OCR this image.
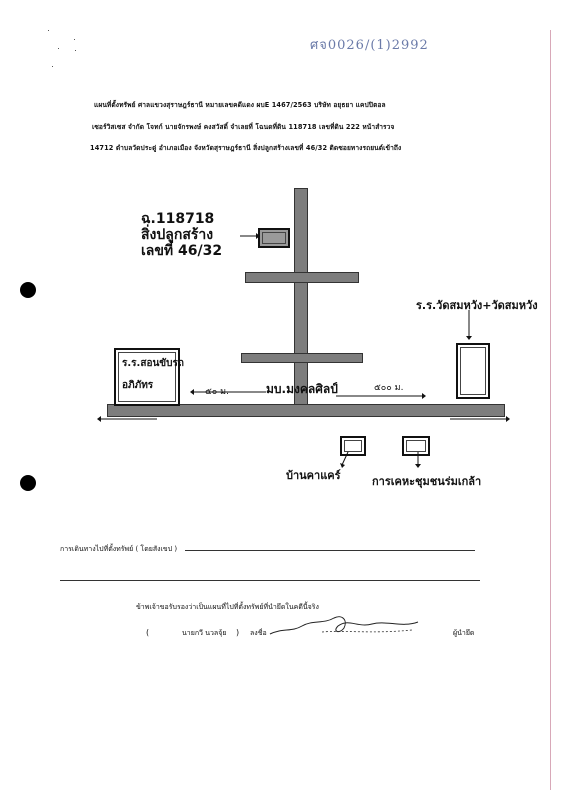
ศจ0026/(1)2992
แผนที่ตั้งทรัพย์ ศาลแขวงสุราษฎร์ธานี หมายเลขคดีแดง ผบE 1467/2563 บริษัท อยุธยา แคปปิตอล
เซอร์วิสเซส จำกัด โจทก์ นายจักรพงษ์ คงสวัสดิ์ จำเลยที่ โฉนดที่ดิน 118718 เลขที่ดิน 222 หน้าสำรวจ
14712 ตำบลวัดประดู่ อำเภอเมือง จังหวัดสุราษฎร์ธานี สิ่งปลูกสร้างเลขที่ 46/32 ติดซอยทางรถยนต์เข้าถึง
ฉ.118718
สิ่งปลูกสร้าง
เลขที่ 46/32
ร.ร.สอนขับรถ
อภิภัทร
ร.ร.วัดสมหวัง+วัดสมหวัง
มบ.มงคลศิลป์
๕๐ ม.	๕๐๐ ม.
บ้านคาแคร์	การเคหะชุมชนร่มเกล้า
การเดินทางไปที่ตั้งทรัพย์ ( โดยสังเขป )
ข้าพเจ้าขอรับรองว่าเป็นแผนที่ไปที่ตั้งทรัพย์ที่นำยึดในคดีนี้จริง
(	นายกวี นวลจุ้ย ) ลงชื่อ	ผู้นำยึด
